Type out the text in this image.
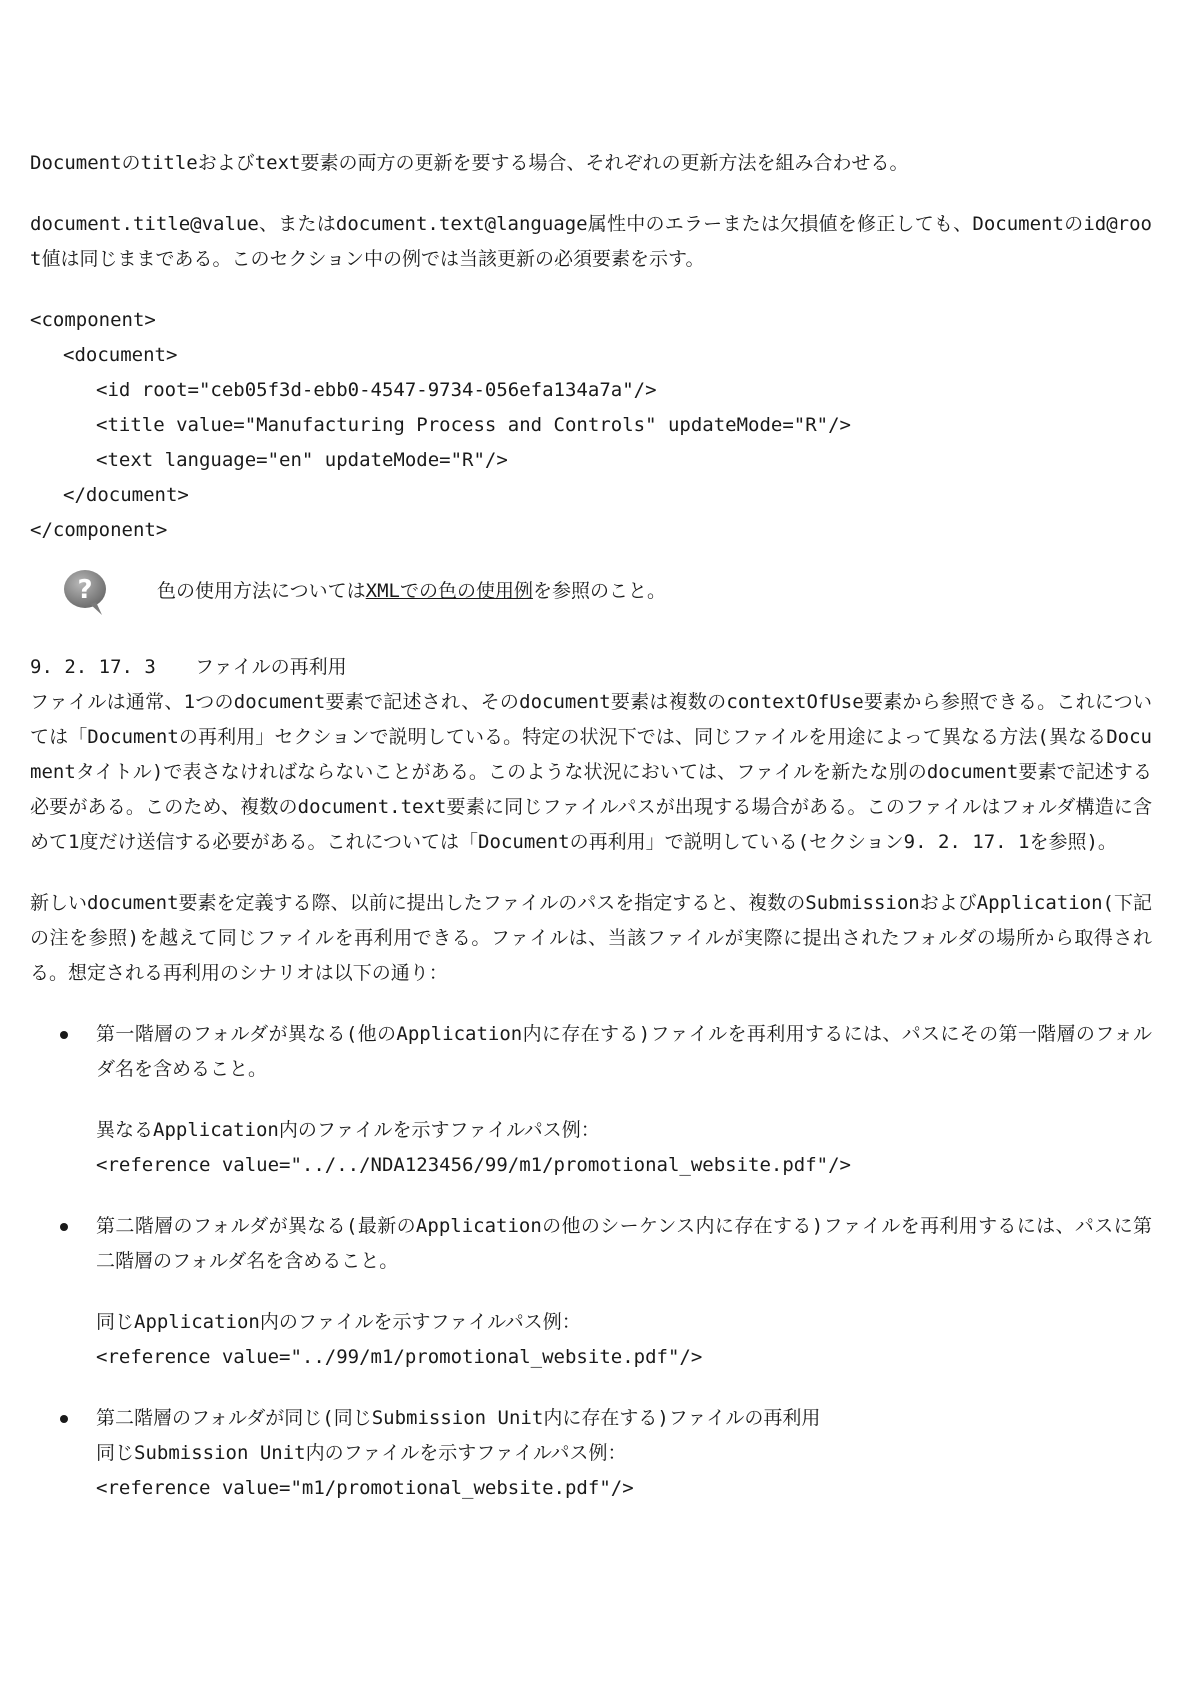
Documentのtitleおよびtext要素の両方の更新を要する場合、それぞれの更新方法を組み合わせる。

document.title@value、またはdocument.text@language属性中のエラーまたは欠損値を修正しても、Documentのid@root値は同じままである。このセクション中の例では当該更新の必須要素を示す。

<component>
<document>
<id root="ceb05f3d-ebb0-4547-9734-056efa134a7a"/>
<title value="Manufacturing Process and Controls" updateMode="R"/>
<text language="en" updateMode="R"/>
</document>
</component>
?	色の使用方法についてはXMLでの色の使用例を参照のこと。
9. 2. 17. 3 ファイルの再利用

ファイルは通常、1つのdocument要素で記述され、そのdocument要素は複数のcontextOfUse要素から参照できる。これについては「Documentの再利用」セクションで説明している。特定の状況下では、同じファイルを用途によって異なる方法(異なるDocumentタイトル)で表さなければならないことがある。このような状況においては、ファイルを新たな別のdocument要素で記述する必要がある。このため、複数のdocument.text要素に同じファイルパスが出現する場合がある。このファイルはフォルダ構造に含めて1度だけ送信する必要がある。これについては「Documentの再利用」で説明している(セクション9. 2. 17. 1を参照)。

新しいdocument要素を定義する際、以前に提出したファイルのパスを指定すると、複数のSubmissionおよびApplication(下記の注を参照)を越えて同じファイルを再利用できる。ファイルは、当該ファイルが実際に提出されたフォルダの場所から取得される。想定される再利用のシナリオは以下の通り：

第一階層のフォルダが異なる(他のApplication内に存在する)ファイルを再利用するには、パスにその第一階層のフォルダ名を含めること。

異なるApplication内のファイルを示すファイルパス例：
<reference value="../../NDA123456/99/m1/promotional_website.pdf"/>

第二階層のフォルダが異なる(最新のApplicationの他のシーケンス内に存在する)ファイルを再利用するには、パスに第二階層のフォルダ名を含めること。

同じApplication内のファイルを示すファイルパス例：
<reference value="../99/m1/promotional_website.pdf"/>

第二階層のフォルダが同じ(同じSubmission Unit内に存在する)ファイルの再利用

同じSubmission Unit内のファイルを示すファイルパス例：
<reference value="m1/promotional_website.pdf"/>
